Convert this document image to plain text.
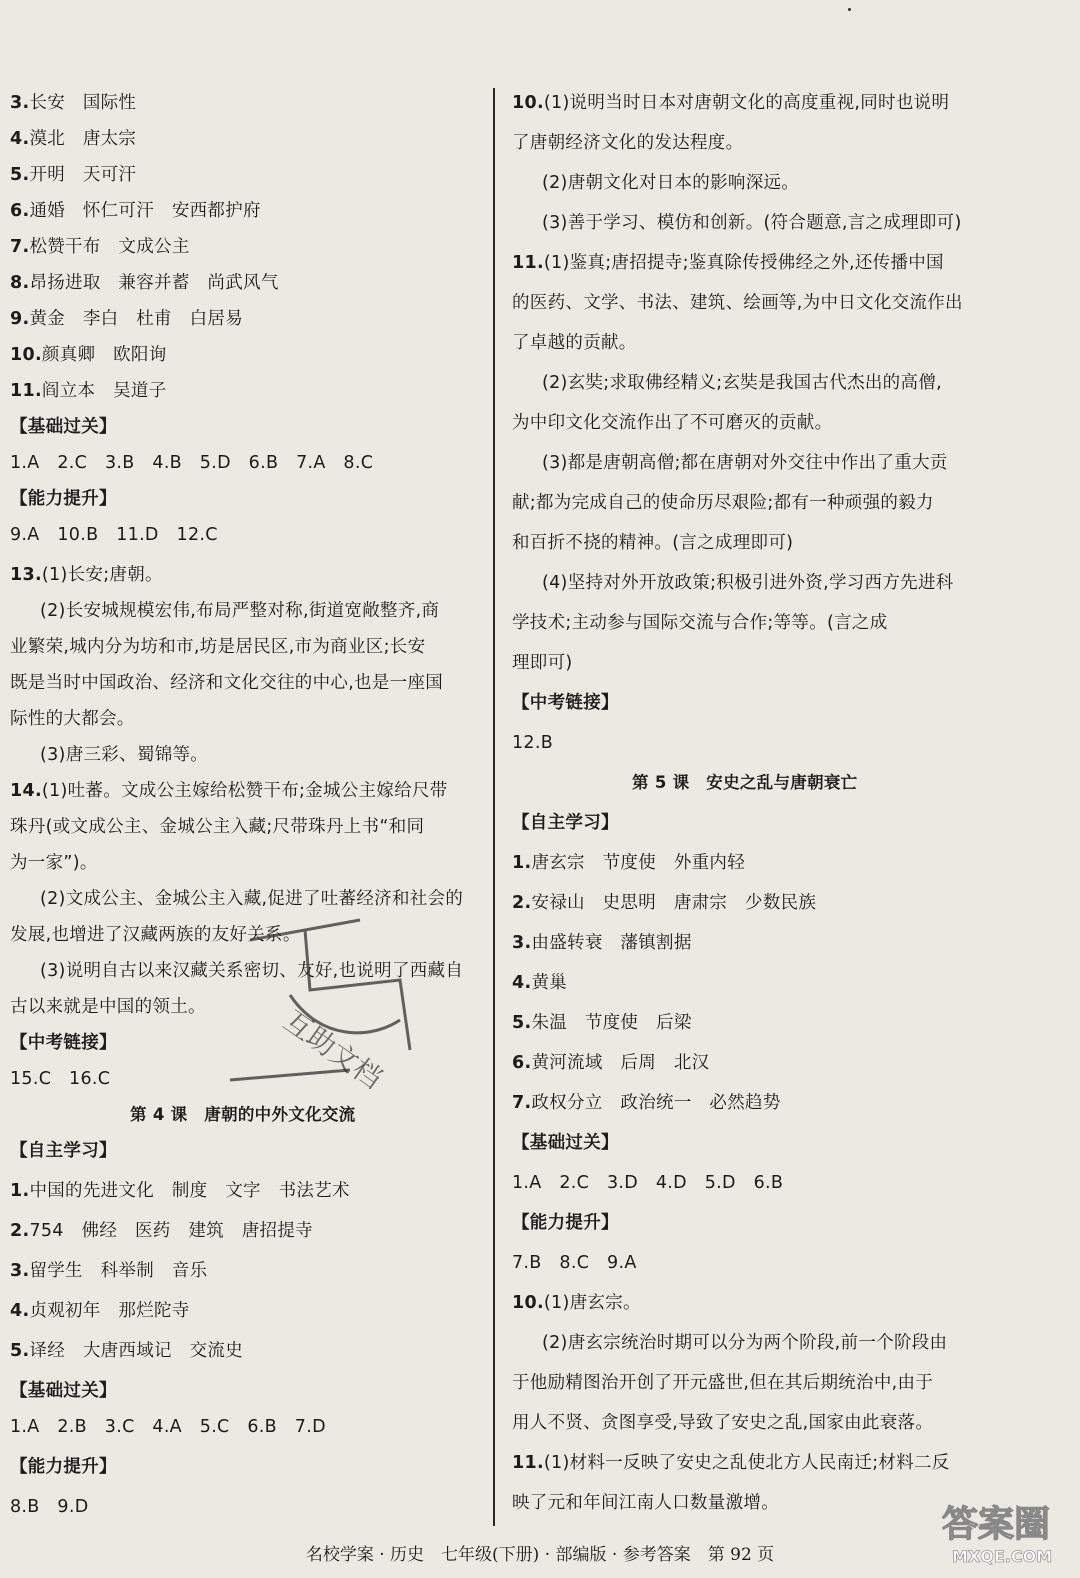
3.长安　国际性
4.漠北　唐太宗
5.开明　天可汗
6.通婚　怀仁可汗　安西都护府
7.松赞干布　文成公主
8.昂扬进取　兼容并蓄　尚武风气
9.黄金　李白　杜甫　白居易
10.颜真卿　欧阳询
11.阎立本　吴道子
【基础过关】
1.A　2.C　3.B　4.B　5.D　6.B　7.A　8.C
【能力提升】
9.A　10.B　11.D　12.C
13.(1)长安;唐朝。
(2)长安城规模宏伟,布局严整对称,街道宽敞整齐,商
业繁荣,城内分为坊和市,坊是居民区,市为商业区;长安
既是当时中国政治、经济和文化交往的中心,也是一座国
际性的大都会。
(3)唐三彩、蜀锦等。
14.(1)吐蕃。文成公主嫁给松赞干布;金城公主嫁给尺带
珠丹(或文成公主、金城公主入藏;尺带珠丹上书“和同
为一家”)。
(2)文成公主、金城公主入藏,促进了吐蕃经济和社会的
发展,也增进了汉藏两族的友好关系。
(3)说明自古以来汉藏关系密切、友好,也说明了西藏自
古以来就是中国的领土。
【中考链接】
15.C　16.C
第 4 课　唐朝的中外文化交流
【自主学习】
1.中国的先进文化　制度　文字　书法艺术
2.754　佛经　医药　建筑　唐招提寺
3.留学生　科举制　音乐
4.贞观初年　那烂陀寺
5.译经　大唐西域记　交流史
【基础过关】
1.A　2.B　3.C　4.A　5.C　6.B　7.D
【能力提升】
8.B　9.D
10.(1)说明当时日本对唐朝文化的高度重视,同时也说明
了唐朝经济文化的发达程度。
(2)唐朝文化对日本的影响深远。
(3)善于学习、模仿和创新。(符合题意,言之成理即可)
11.(1)鉴真;唐招提寺;鉴真除传授佛经之外,还传播中国
的医药、文学、书法、建筑、绘画等,为中日文化交流作出
了卓越的贡献。
(2)玄奘;求取佛经精义;玄奘是我国古代杰出的高僧,
为中印文化交流作出了不可磨灭的贡献。
(3)都是唐朝高僧;都在唐朝对外交往中作出了重大贡
献;都为完成自己的使命历尽艰险;都有一种顽强的毅力
和百折不挠的精神。(言之成理即可)
(4)坚持对外开放政策;积极引进外资,学习西方先进科
学技术;主动参与国际交流与合作;等等。(言之成
理即可)
【中考链接】
12.B
第 5 课　安史之乱与唐朝衰亡
【自主学习】
1.唐玄宗　节度使　外重内轻
2.安禄山　史思明　唐肃宗　少数民族
3.由盛转衰　藩镇割据
4.黄巢
5.朱温　节度使　后梁
6.黄河流域　后周　北汉
7.政权分立　政治统一　必然趋势
【基础过关】
1.A　2.C　3.D　4.D　5.D　6.B
【能力提升】
7.B　8.C　9.A
10.(1)唐玄宗。
(2)唐玄宗统治时期可以分为两个阶段,前一个阶段由
于他励精图治开创了开元盛世,但在其后期统治中,由于
用人不贤、贪图享受,导致了安史之乱,国家由此衰落。
11.(1)材料一反映了安史之乱使北方人民南迁;材料二反
映了元和年间江南人口数量激增。
互助文档
答案圈
MXQE.COM
名校学案 · 历史　七年级(下册) · 部编版 · 参考答案　第 92 页
